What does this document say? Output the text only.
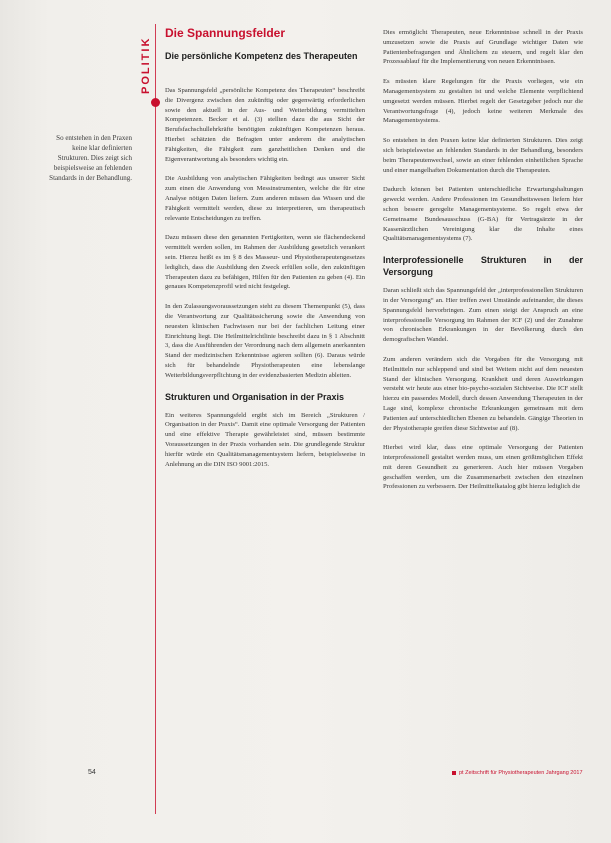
POLITIK
Die Spannungsfelder
So entstehen in den Praxen keine klar definierten Strukturen. Dies zeigt sich beispielsweise an fehlenden Standards in der Behandlung.
Die persönliche Kompetenz des Therapeuten

Das Spannungsfeld „persönliche Kompetenz des Therapeuten“ beschreibt die Divergenz zwischen den zukünftig oder gegenwärtig erforderlichen sowie den aktuell in der Aus- und Weiterbildung vermittelten Kompetenzen. Becker et al. (3) stellten dazu die aus Sicht der Berufsfachschullehrkräfte benötigten zukünftigen Kompetenzen heraus. Hierbei schätzten die Befragten unter anderem die analytischen Fähigkeiten, die Fähigkeit zum ganzheitlichen Denken und die Eigenverantwortung als besonders wichtig ein.

Die Ausbildung von analytischen Fähigkeiten bedingt aus unserer Sicht zum einen die Anwendung von Messinstrumenten, welche die für eine Analyse nötigen Daten liefern. Zum anderen müssen das Wissen und die Fähigkeit vermittelt werden, diese zu interpretieren, um therapeutisch relevante Entscheidungen zu treffen.

Dazu müssen diese den genannten Fertigkeiten, wenn sie flächendeckend vermittelt werden sollen, im Rahmen der Ausbildung gesetzlich verankert sein. Hierzu heißt es im § 8 des Masseur- und Physiotherapeutengesetzes lediglich, dass die Ausbildung den Zweck erfüllen solle, den zukünftigen Therapeuten dazu zu befähigen, Hilfen für den Patienten zu geben (4). Ein genaues Kompetenzprofil wird nicht festgelegt.

In den Zulassungsvoraussetzungen steht zu diesem Themenpunkt (5), dass die Verantwortung zur Qualitätssicherung sowie die Anwendung von neuesten klinischen Fachwissen nur bei der fachlichen Leitung einer Einrichtung liegt. Die Heilmittelrichtlinie beschreibt dazu in § 1 Abschnitt 3, dass die Ausführenden der Verordnung nach dem allgemein anerkannten Stand der medizinischen Erkenntnisse agieren sollten (6). Daraus würde sich für behandelnde Physiotherapeuten eine lebenslange Weiterbildungsverpflichtung in der evidenzbasierten Medizin ableiten.

Strukturen und Organisation in der Praxis

Ein weiteres Spannungsfeld ergibt sich im Bereich „Strukturen / Organisation in der Praxis“. Damit eine optimale Versorgung der Patienten und eine effektive Therapie gewährleistet sind, müssen bestimmte Voraussetzungen in der Praxis vorhanden sein. Die grundlegende Struktur hierfür würde ein Qualitätsmanagementsystem liefern, beispielsweise in Anlehnung an die DIN ISO 9001:2015.

Dies ermöglicht Therapeuten, neue Erkenntnisse schnell in der Praxis umzusetzen sowie die Praxis auf Grundlage wichtiger Daten wie Patientenbefragungen und Ähnlichem zu steuern, und regelt klar den Prozessablauf für die Implementierung von neuen Erkenntnissen.

Es müssten klare Regelungen für die Praxis vorliegen, wie ein Managementsystem zu gestalten ist und welche Elemente verpflichtend umgesetzt werden müssen. Hierbei regelt der Gesetzgeber jedoch nur die Verantwortungsfrage (4), jedoch keine weiteren Merkmale des Managementsystems.

So entstehen in den Praxen keine klar definierten Strukturen. Dies zeigt sich beispielsweise an fehlenden Standards in der Behandlung, besonders beim Therapeutenwechsel, sowie an einer fehlenden einheitlichen Sprache und einer mangelhaften Dokumentation durch die Therapeuten.

Dadurch können bei Patienten unterschiedliche Erwartungshaltungen geweckt werden. Andere Professionen im Gesundheitswesen liefern hier schon bessere geregelte Managementsysteme. So regelt etwa der Gemeinsame Bundesausschuss (G-BA) für Vertragsärzte in der Kassenärztlichen Vereinigung klar die Inhalte eines Qualitätsmanagementsystems (7).

Interprofessionelle Strukturen in der Versorgung

Daran schließt sich das Spannungsfeld der „interprofessionellen Strukturen in der Versorgung“ an. Hier treffen zwei Umstände aufeinander, die dieses Spannungsfeld hervorbringen. Zum einen steigt der Anspruch an eine interprofessionelle Versorgung im Rahmen der ICF (2) und der Zunahme von chronischen Erkrankungen in der Bevölkerung durch den demografischen Wandel.

Zum anderen verändern sich die Vorgaben für die Versorgung mit Heilmitteln nur schleppend und sind bei Weitem nicht auf dem neuesten Stand der klinischen Versorgung. Krankheit und deren Auswirkungen versteht wir heute aus einer bio-psycho-sozialen Sichtweise. Die ICF stellt hierzu ein passendes Modell, durch dessen Anwendung Therapeuten in der Lage sind, komplexe chronische Erkrankungen gemeinsam mit dem Patienten auf unterschiedlichen Ebenen zu behandeln. Gängige Theorien in der Physiotherapie greifen diese Sichtweise auf (8).

Hierbei wird klar, dass eine optimale Versorgung der Patienten interprofessionell gestaltet werden muss, um einen größtmöglichen Effekt mit deren Gesundheit zu generieren. Auch hier müssen Vorgaben geschaffen werden, um die Zusammenarbeit zwischen den einzelnen Professionen zu verbessern. Der Heilmittelkatalog gibt hierzu lediglich die

54	pt Zeitschrift für Physiotherapeuten Jahrgang 2017
